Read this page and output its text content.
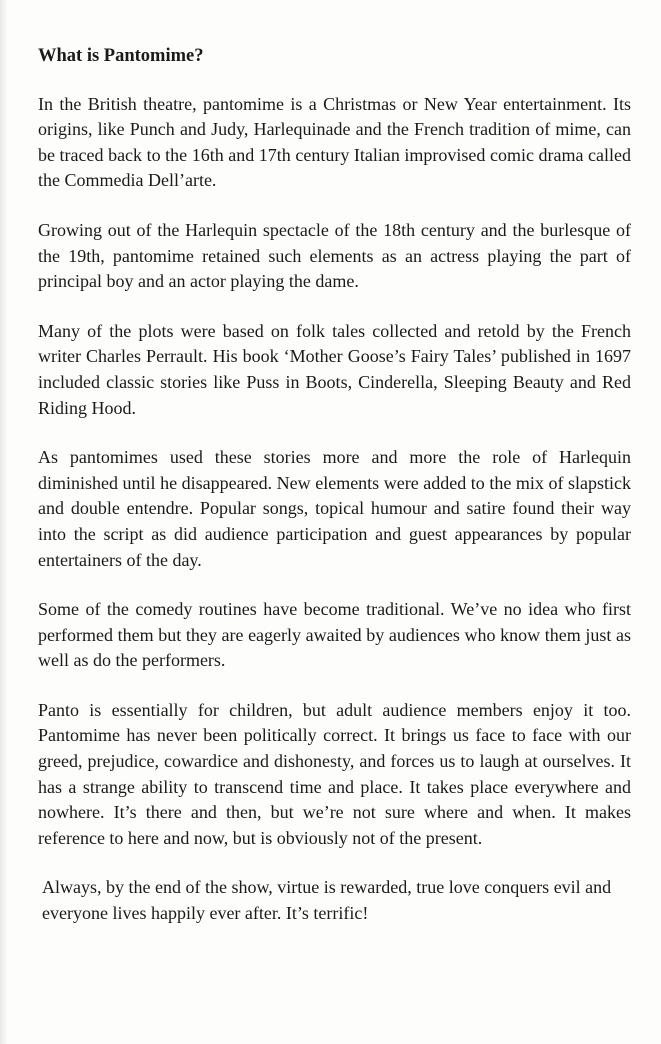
What is Pantomime?

In the British theatre, pantomime is a Christmas or New Year entertainment. Its origins, like Punch and Judy, Harlequinade and the French tradition of mime, can be traced back to the 16th and 17th century Italian improvised comic drama called the Commedia Dell’arte.

Growing out of the Harlequin spectacle of the 18th century and the burlesque of the 19th, pantomime retained such elements as an actress playing the part of principal boy and an actor playing the dame.

Many of the plots were based on folk tales collected and retold by the French writer Charles Perrault. His book ‘Mother Goose’s Fairy Tales’ published in 1697 included classic stories like Puss in Boots, Cinderella, Sleeping Beauty and Red Riding Hood.

As pantomimes used these stories more and more the role of Harlequin diminished until he disappeared. New elements were added to the mix of slapstick and double entendre. Popular songs, topical humour and satire found their way into the script as did audience participation and guest appearances by popular entertainers of the day.

Some of the comedy routines have become traditional. We’ve no idea who first performed them but they are eagerly awaited by audiences who know them just as well as do the performers.

Panto is essentially for children, but adult audience members enjoy it too. Pantomime has never been politically correct. It brings us face to face with our greed, prejudice, cowardice and dishonesty, and forces us to laugh at ourselves. It has a strange ability to transcend time and place. It takes place everywhere and nowhere. It’s there and then, but we’re not sure where and when. It makes reference to here and now, but is obviously not of the present.

Always, by the end of the show, virtue is rewarded, true love conquers evil and everyone lives happily ever after. It’s terrific!
